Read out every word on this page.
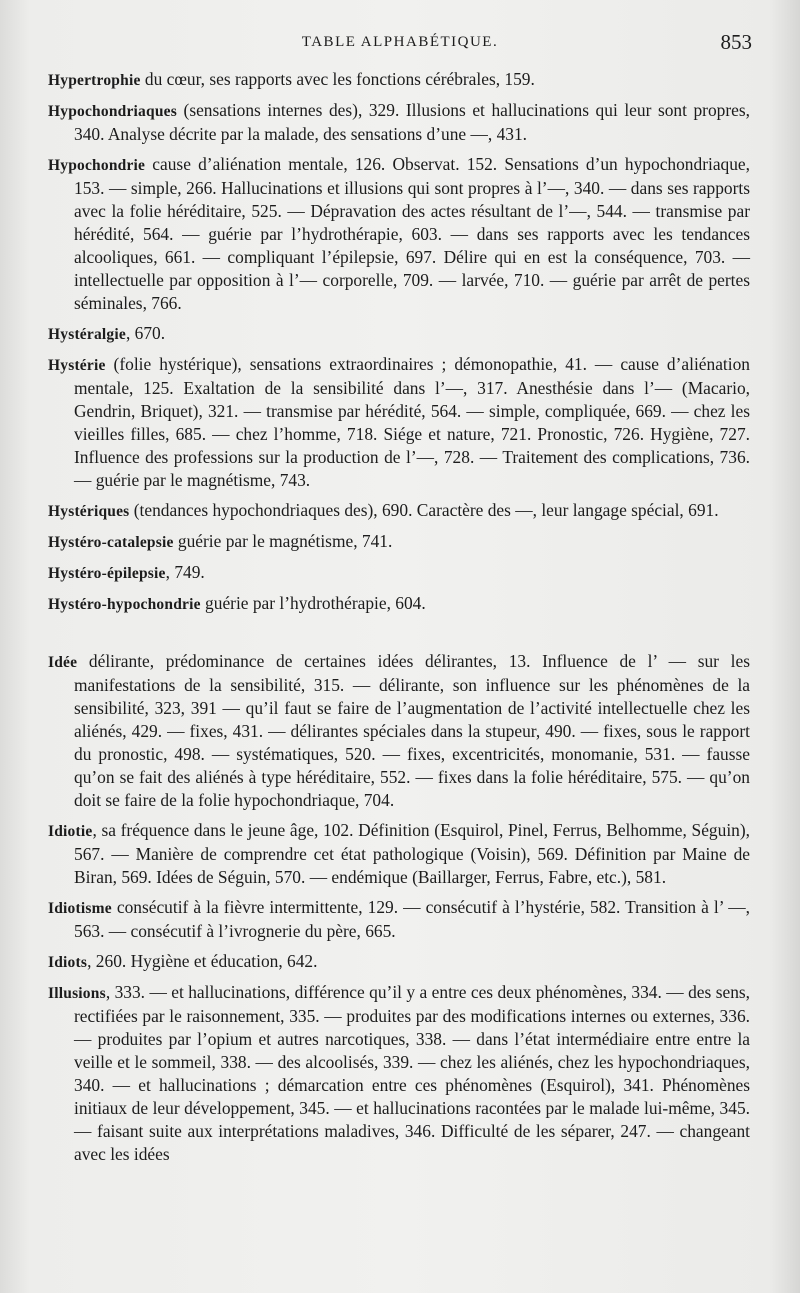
TABLE ALPHABÉTIQUE.	853

Hypertrophie du cœur, ses rapports avec les fonctions cérébrales, 159.

Hypochondriaques (sensations internes des), 329. Illusions et hallucinations qui leur sont propres, 340. Analyse décrite par la malade, des sensations d’une —, 431.

Hypochondrie cause d’aliénation mentale, 126. Observat. 152. Sensations d’un hypochondriaque, 153. — simple, 266. Hallucinations et illusions qui sont propres à l’—, 340. — dans ses rapports avec la folie héréditaire, 525. — Dépravation des actes résultant de l’—, 544. — transmise par hérédité, 564. — guérie par l’hydrothérapie, 603. — dans ses rapports avec les tendances alcooliques, 661. — compliquant l’épilepsie, 697. Délire qui en est la conséquence, 703. — intellectuelle par opposition à l’— corporelle, 709. — larvée, 710. — guérie par arrêt de pertes séminales, 766.

Hystéralgie, 670.

Hystérie (folie hystérique), sensations extraordinaires ; démonopathie, 41. — cause d’aliénation mentale, 125. Exaltation de la sensibilité dans l’—, 317. Anesthésie dans l’— (Macario, Gendrin, Briquet), 321. — transmise par hérédité, 564. — simple, compliquée, 669. — chez les vieilles filles, 685. — chez l’homme, 718. Siége et nature, 721. Pronostic, 726. Hygiène, 727. Influence des professions sur la production de l’—, 728. — Traitement des complications, 736. — guérie par le magnétisme, 743.

Hystériques (tendances hypochondriaques des), 690. Caractère des —, leur langage spécial, 691.

Hystéro-catalepsie guérie par le magnétisme, 741.

Hystéro-épilepsie, 749.

Hystéro-hypochondrie guérie par l’hydrothérapie, 604.

Idée délirante, prédominance de certaines idées délirantes, 13. Influence de l’ — sur les manifestations de la sensibilité, 315. — délirante, son influence sur les phénomènes de la sensibilité, 323, 391 — qu’il faut se faire de l’augmentation de l’activité intellectuelle chez les aliénés, 429. — fixes, 431. — délirantes spéciales dans la stupeur, 490. — fixes, sous le rapport du pronostic, 498. — systématiques, 520. — fixes, excentricités, monomanie, 531. — fausse qu’on se fait des aliénés à type héréditaire, 552. — fixes dans la folie héréditaire, 575. — qu’on doit se faire de la folie hypochondriaque, 704.

Idiotie, sa fréquence dans le jeune âge, 102. Définition (Esquirol, Pinel, Ferrus, Belhomme, Séguin), 567. — Manière de comprendre cet état pathologique (Voisin), 569. Définition par Maine de Biran, 569. Idées de Séguin, 570. — endémique (Baillarger, Ferrus, Fabre, etc.), 581.

Idiotisme consécutif à la fièvre intermittente, 129. — consécutif à l’hystérie, 582. Transition à l’ —, 563. — consécutif à l’ivrognerie du père, 665.

Idiots, 260. Hygiène et éducation, 642.

Illusions, 333. — et hallucinations, différence qu’il y a entre ces deux phénomènes, 334. — des sens, rectifiées par le raisonnement, 335. — produites par des modifications internes ou externes, 336. — produites par l’opium et autres narcotiques, 338. — dans l’état intermédiaire entre entre la veille et le sommeil, 338. — des alcoolisés, 339. — chez les aliénés, chez les hypochondriaques, 340. — et hallucinations ; démarcation entre ces phénomènes (Esquirol), 341. Phénomènes initiaux de leur développement, 345. — et hallucinations racontées par le malade lui-même, 345. — faisant suite aux interprétations maladives, 346. Difficulté de les séparer, 247. — changeant avec les idées
